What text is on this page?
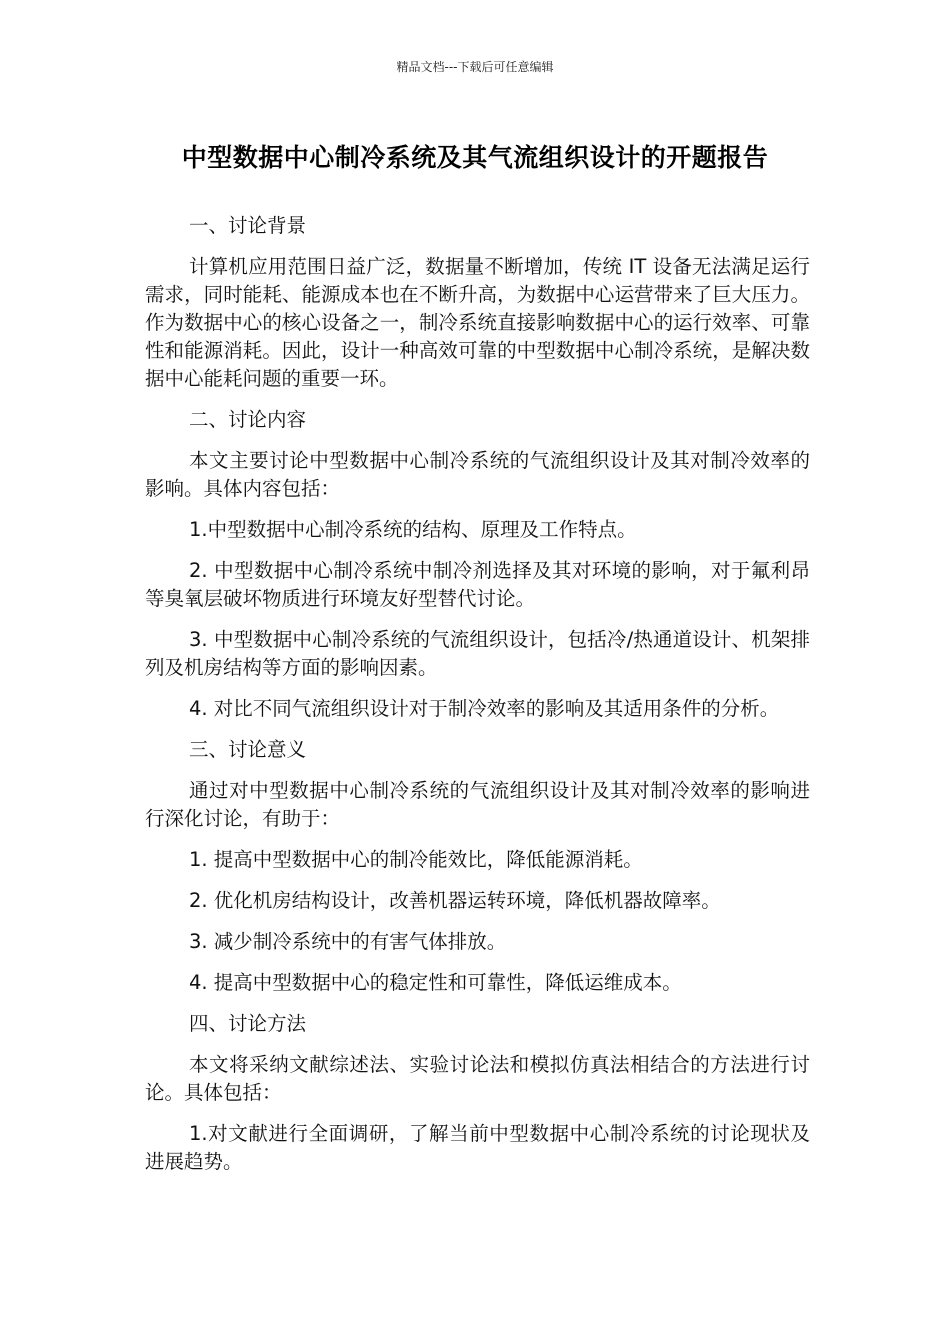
精品文档---下载后可任意编辑
中型数据中心制冷系统及其气流组织设计的开题报告
一、讨论背景

计算机应用范围日益广泛，数据量不断增加，传统 IT 设备无法满足运行需求，同时能耗、能源成本也在不断升高，为数据中心运营带来了巨大压力。作为数据中心的核心设备之一，制冷系统直接影响数据中心的运行效率、可靠性和能源消耗。因此，设计一种高效可靠的中型数据中心制冷系统，是解决数据中心能耗问题的重要一环。

二、讨论内容

本文主要讨论中型数据中心制冷系统的气流组织设计及其对制冷效率的影响。具体内容包括：

1.中型数据中心制冷系统的结构、原理及工作特点。

2. 中型数据中心制冷系统中制冷剂选择及其对环境的影响，对于氟利昂等臭氧层破坏物质进行环境友好型替代讨论。

3. 中型数据中心制冷系统的气流组织设计，包括冷/热通道设计、机架排列及机房结构等方面的影响因素。

4. 对比不同气流组织设计对于制冷效率的影响及其适用条件的分析。

三、讨论意义

通过对中型数据中心制冷系统的气流组织设计及其对制冷效率的影响进行深化讨论，有助于：

1. 提高中型数据中心的制冷能效比，降低能源消耗。

2. 优化机房结构设计，改善机器运转环境，降低机器故障率。

3. 减少制冷系统中的有害气体排放。

4. 提高中型数据中心的稳定性和可靠性，降低运维成本。

四、讨论方法

本文将采纳文献综述法、实验讨论法和模拟仿真法相结合的方法进行讨论。具体包括：

1.对文献进行全面调研，了解当前中型数据中心制冷系统的讨论现状及进展趋势。
